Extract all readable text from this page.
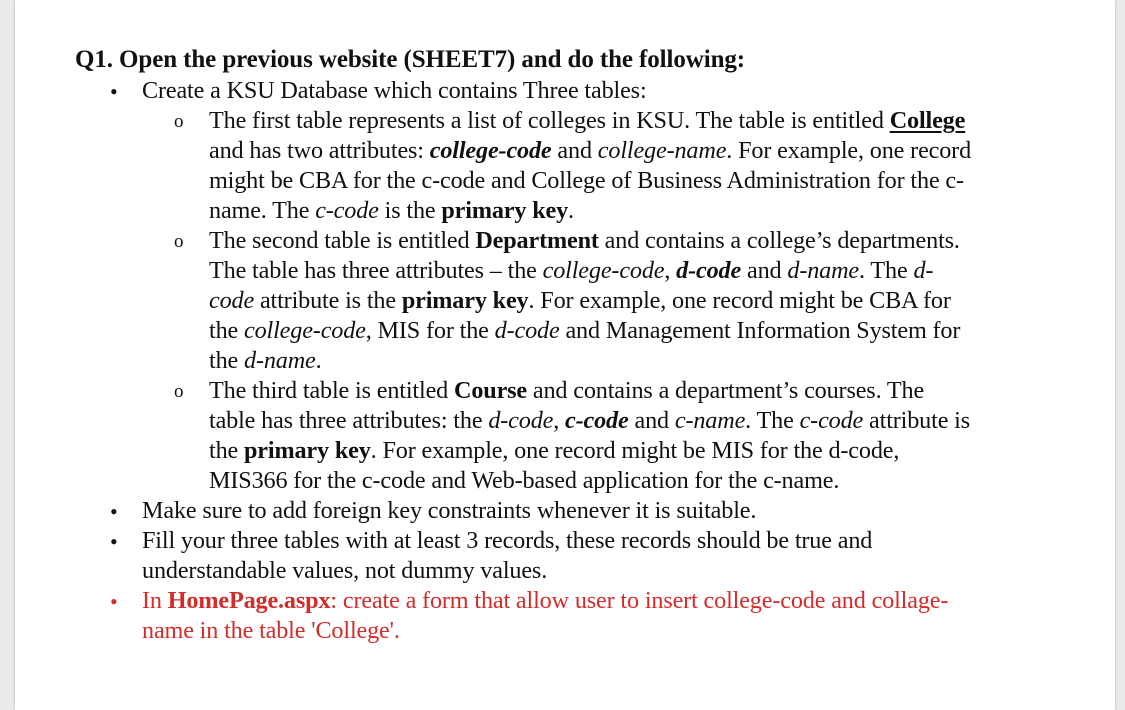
Q1. Open the previous website (SHEET7) and do the following:
• Create a KSU Database which contains Three tables:
o The first table represents a list of colleges in KSU. The table is entitled College
and has two attributes: college-code and college-name. For example, one record
might be CBA for the c-code and College of Business Administration for the c-
name. The c-code is the primary key.
o The second table is entitled Department and contains a college’s departments.
The table has three attributes – the college-code, d-code and d-name. The d-
code attribute is the primary key. For example, one record might be CBA for
the college-code, MIS for the d-code and Management Information System for
the d-name.
o The third table is entitled Course and contains a department’s courses. The
table has three attributes: the d-code, c-code and c-name. The c-code attribute is
the primary key. For example, one record might be MIS for the d-code,
MIS366 for the c-code and Web-based application for the c-name.
• Make sure to add foreign key constraints whenever it is suitable.
• Fill your three tables with at least 3 records, these records should be true and
understandable values, not dummy values.
• In HomePage.aspx: create a form that allow user to insert college-code and collage-
name in the table 'College'.
